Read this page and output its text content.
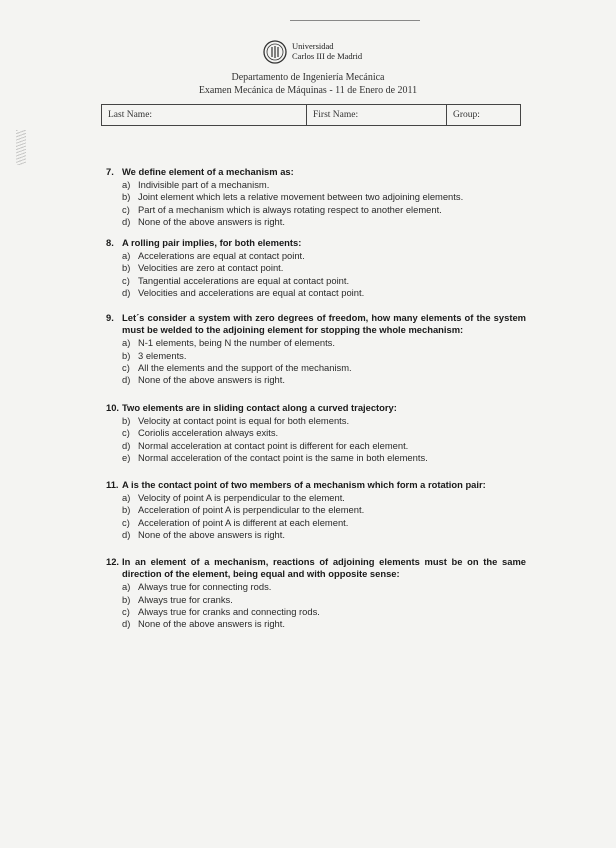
Universidad
Carlos III de Madrid
Departamento de Ingeniería Mecánica
Examen Mecánica de Máquinas - 11 de Enero de 2011
Last Name:	First Name:	Group:
7. We define element of a mechanism as:
a) Indivisible part of a mechanism.
b) Joint element which lets a relative movement between two adjoining elements.
c) Part of a mechanism which is always rotating respect to another element.
d) None of the above answers is right.
8. A rolling pair implies, for both elements:
a) Accelerations are equal at contact point.
b) Velocities are zero at contact point.
c) Tangential accelerations are equal at contact point.
d) Velocities and accelerations are equal at contact point.
9. Let´s consider a system with zero degrees of freedom, how many elements of the system must be welded to the adjoining element for stopping the whole mechanism:
a) N-1 elements, being N the number of elements.
b) 3 elements.
c) All the elements and the support of the mechanism.
d) None of the above answers is right.
10. Two elements are in sliding contact along a curved trajectory:
b) Velocity at contact point is equal for both elements.
c) Coriolis acceleration always exits.
d) Normal acceleration at contact point is different for each element.
e) Normal acceleration of the contact point is the same in both elements.
11. A is the contact point of two members of a mechanism which form a rotation pair:
a) Velocity of point A is perpendicular to the element.
b) Acceleration of point A is perpendicular to the element.
c) Acceleration of point A is different at each element.
d) None of the above answers is right.
12. In an element of a mechanism, reactions of adjoining elements must be on the same direction of the element, being equal and with opposite sense:
a) Always true for connecting rods.
b) Always true for cranks.
c) Always true for cranks and connecting rods.
d) None of the above answers is right.
